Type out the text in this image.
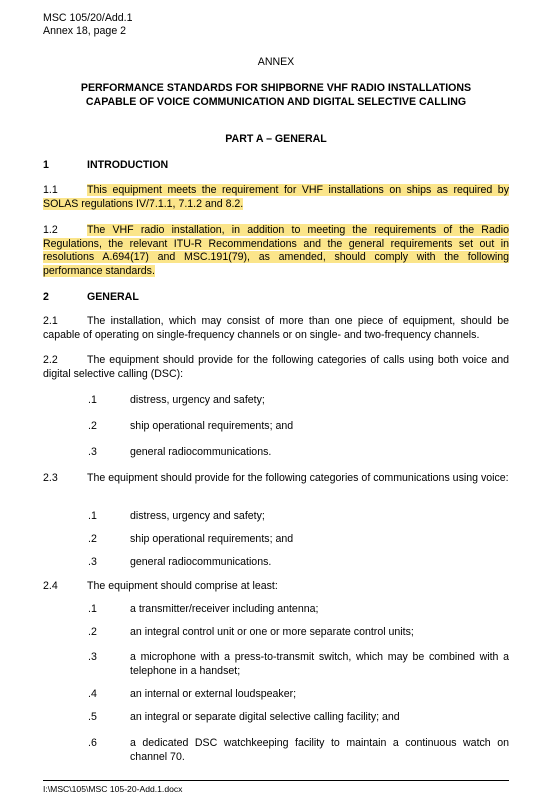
MSC 105/20/Add.1
Annex 18, page 2
ANNEX
PERFORMANCE STANDARDS FOR SHIPBORNE VHF RADIO INSTALLATIONS
CAPABLE OF VOICE COMMUNICATION AND DIGITAL SELECTIVE CALLING
PART A – GENERAL
1	INTRODUCTION
1.1	This equipment meets the requirement for VHF installations on ships as required by SOLAS regulations IV/7.1.1, 7.1.2 and 8.2.
1.2	The VHF radio installation, in addition to meeting the requirements of the Radio Regulations, the relevant ITU-R Recommendations and the general requirements set out in resolutions A.694(17) and MSC.191(79), as amended, should comply with the following performance standards.
2	GENERAL
2.1	The installation, which may consist of more than one piece of equipment, should be capable of operating on single-frequency channels or on single- and two-frequency channels.
2.2	The equipment should provide for the following categories of calls using both voice and digital selective calling (DSC):
.1	distress, urgency and safety;
.2	ship operational requirements; and
.3	general radiocommunications.
2.3	The equipment should provide for the following categories of communications using voice:
.1	distress, urgency and safety;
.2	ship operational requirements; and
.3	general radiocommunications.
2.4	The equipment should comprise at least:
.1	a transmitter/receiver including antenna;
.2	an integral control unit or one or more separate control units;
.3	a microphone with a press-to-transmit switch, which may be combined with a telephone in a handset;
.4	an internal or external loudspeaker;
.5	an integral or separate digital selective calling facility; and
.6	a dedicated DSC watchkeeping facility to maintain a continuous watch on channel 70.
I:\MSC\105\MSC 105-20-Add.1.docx
